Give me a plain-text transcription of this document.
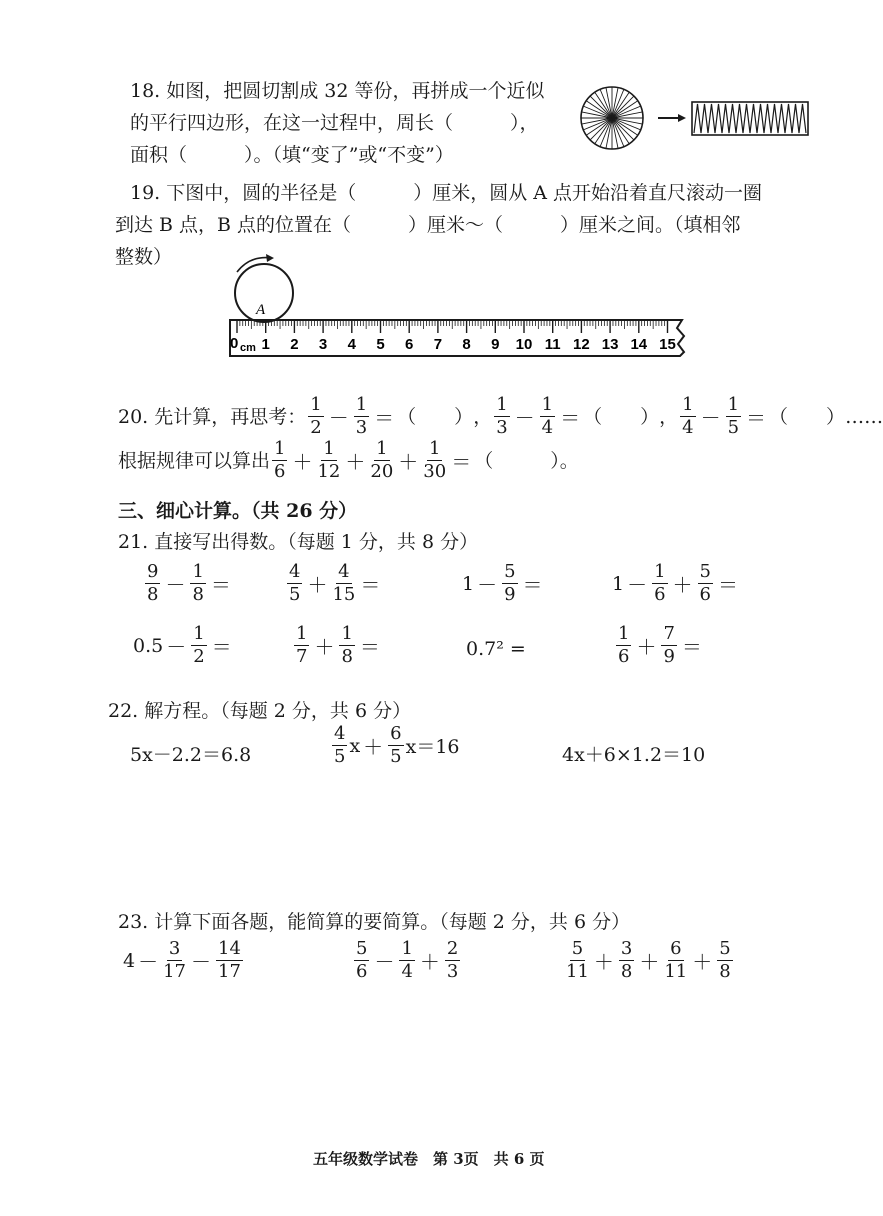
18. 如图，把圆切割成 32 等份，再拼成一个近似
的平行四边形，在这一过程中，周长（　　　），
面积（　　　）。（填“变了”或“不变”）
19. 下图中，圆的半径是（　　　）厘米，圆从 A 点开始沿着直尺滚动一圈
到达 B 点，B 点的位置在（　　　）厘米～（　　　）厘米之间。（填相邻
整数）
A
0 cm 1 2 3 4 5 6 7 8 9 10 11 12 13 14 15
20. 先计算，再思考： $\frac{1}{2} - \frac{1}{3}$ ＝ （　　） ， $\frac{1}{3} - \frac{1}{4}$ ＝ （　　） ， $\frac{1}{4} - \frac{1}{5}$ ＝ （　　） ……
根据规律可以算出 $\frac{1}{6} + \frac{1}{12} + \frac{1}{20} + \frac{1}{30}$ ＝ （　　　）。
三、细心计算。（共 26 分）
21. 直接写出得数。（每题 1 分，共 8 分）
$\frac{9}{8} - \frac{1}{8}$ ＝	$\frac{4}{5} + \frac{4}{15}$ ＝	$1 - \frac{5}{9}$ ＝	$1 - \frac{1}{6} + \frac{5}{6}$ ＝
$0.5 - \frac{1}{2}$ ＝	$\frac{1}{7} + \frac{1}{8}$ ＝	0.7² =	$\frac{1}{6} + \frac{7}{9}$ ＝
22. 解方程。（每题 2 分，共 6 分）
5x－2.2＝6.8	$\frac{4}{5}$ $x + \frac{6}{5} x=16$	4x＋6×1.2＝10
23. 计算下面各题，能简算的要简算。（每题 2 分，共 6 分）
$4 - \frac{3}{17} - \frac{14}{17}$	$\frac{5}{6} - \frac{1}{4} + \frac{2}{3}$	$\frac{5}{11} + \frac{3}{8} + \frac{6}{11} + \frac{5}{8}$
五年级数学试卷　第 3页　共 6 页
